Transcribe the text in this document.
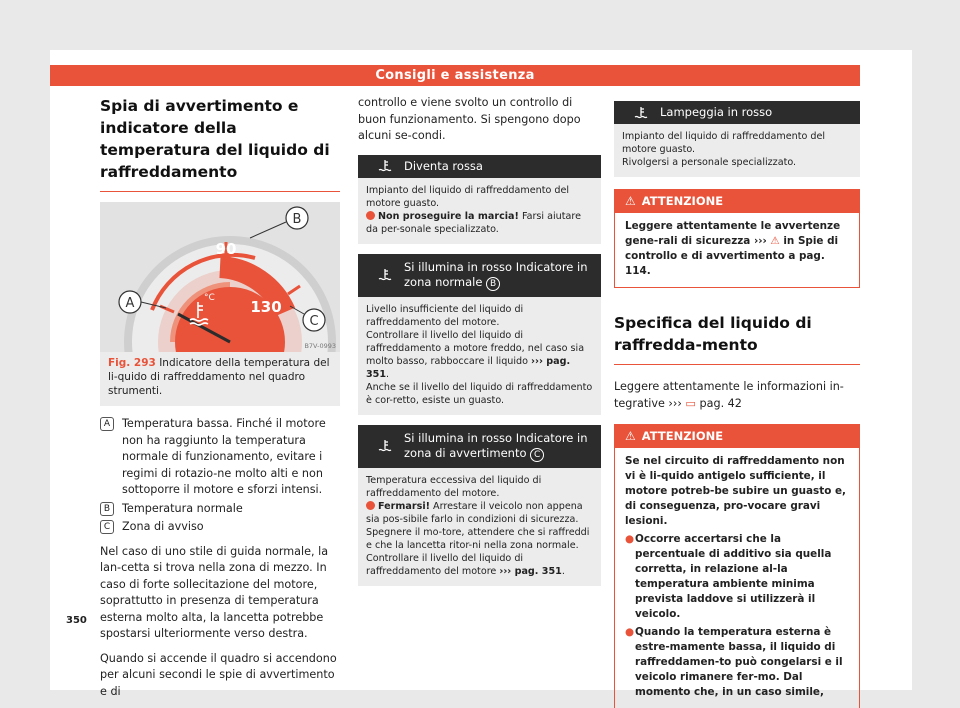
Consigli e assistenza
Spia di avvertimento e indicatore della temperatura del liquido di raffreddamento
90
130
°C
B
A
C
B7V-0993
Fig. 293 Indicatore della temperatura del li-quido di raffreddamento nel quadro strumenti.
A	Temperatura bassa. Finché il motore non ha raggiunto la temperatura normale di funzionamento, evitare i regimi di rotazio-ne molto alti e non sottoporre il motore e sforzi intensi.
B	Temperatura normale
C	Zona di avviso

Nel caso di uno stile di guida normale, la lan-cetta si trova nella zona di mezzo. In caso di forte sollecitazione del motore, soprattutto in presenza di temperatura esterna molto alta, la lancetta potrebbe spostarsi ulteriormente verso destra.

Quando si accende il quadro si accendono per alcuni secondi le spie di avvertimento e di

controllo e viene svolto un controllo di buon funzionamento. Si spengono dopo alcuni se-condi.

Diventa rossa
Impianto del liquido di raffreddamento del motore guasto.
Non proseguire la marcia! Farsi aiutare da per-sonale specializzato.
Si illumina in rosso Indicatore in zona normale B
Livello insufficiente del liquido di raffreddamento del motore.
Controllare il livello del liquido di raffreddamento a motore freddo, nel caso sia molto basso, rabboccare il liquido ››› pag. 351.
Anche se il livello del liquido di raffreddamento è cor-retto, esiste un guasto.
Si illumina in rosso Indicatore in zona di avvertimento C
Temperatura eccessiva del liquido di raffreddamento del motore.
Fermarsi! Arrestare il veicolo non appena sia pos-sibile farlo in condizioni di sicurezza. Spegnere il mo-tore, attendere che si raffreddi e che la lancetta ritor-ni nella zona normale. Controllare il livello del liquido di raffreddamento del motore ››› pag. 351.
Lampeggia in rosso
Impianto del liquido di raffreddamento del motore guasto.
Rivolgersi a personale specializzato.
⚠ ATTENZIONE
Leggere attentamente le avvertenze gene-rali di sicurezza ››› ⚠ in Spie di controllo e di avvertimento a pag. 114.
Specifica del liquido di raffredda-mento

Leggere attentamente le informazioni in-tegrative ››› ▭ pag. 42

⚠ ATTENZIONE
Se nel circuito di raffreddamento non vi è li-quido antigelo sufficiente, il motore potreb-be subire un guasto e, di conseguenza, pro-vocare gravi lesioni.
● Occorre accertarsi che la percentuale di additivo sia quella corretta, in relazione al-la temperatura ambiente minima prevista laddove si utilizzerà il veicolo.
● Quando la temperatura esterna è estre-mamente bassa, il liquido di raffreddamen-to può congelarsi e il veicolo rimanere fer-mo. Dal momento che, in un caso simile,
350
